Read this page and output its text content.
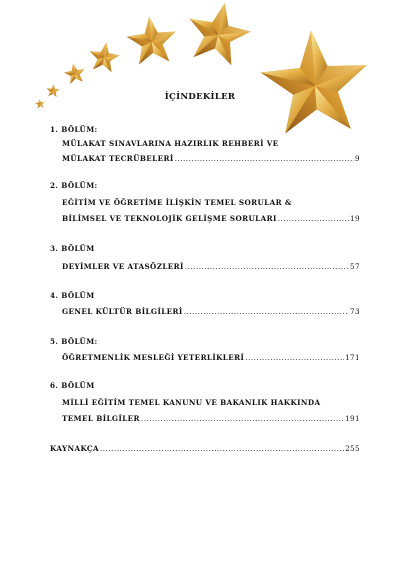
İÇİNDEKİLER
1. BÖLÜM:
MÜLAKAT SINAVLARINA HAZIRLIK REHBERİ VE
MÜLAKAT TECRÜBELERİ .....	9
2. BÖLÜM:
EĞİTİM VE ÖĞRETİME İLİŞKİN TEMEL SORULAR &
BİLİMSEL VE TEKNOLOJİK GELİŞME SORULARI .....	19
3. BÖLÜM
DEYİMLER VE ATASÖZLERİ .....	57
4. BÖLÜM
GENEL KÜLTÜR BİLGİLERİ .....	73
5. BÖLÜM:
ÖĞRETMENLİK MESLEĞİ YETERLİKLERİ .....	171
6. BÖLÜM
MİLLİ EĞİTİM TEMEL KANUNU VE BAKANLIK HAKKINDA
TEMEL BİLGİLER .....	191
KAYNAKÇA .....	255
